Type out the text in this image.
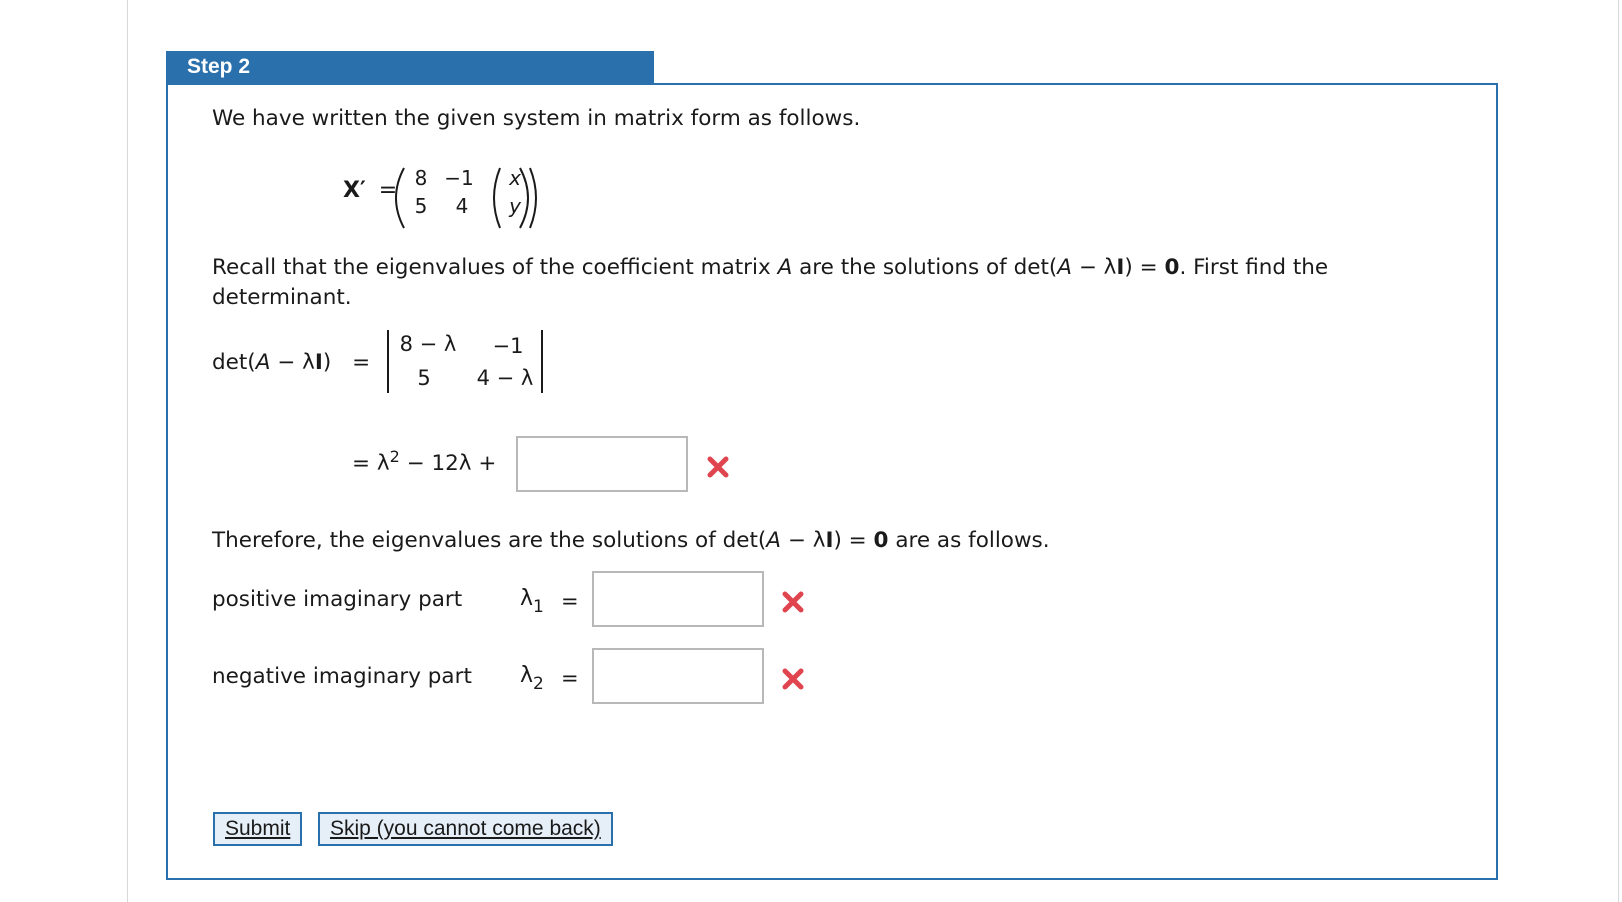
Step 2
We have written the given system in matrix form as follows.
X′ = 8 −1
5	4
x
y
Recall that the eigenvalues of the coefficient matrix A are the solutions of det(A − λI) = 0. First find the
determinant.
det(A − λI) =
8 − λ	−1
5	4 − λ
= $\lambda^2 - 12\lambda$ +
Therefore, the eigenvalues are the solutions of det(A − λI) = 0 are as follows.
positive imaginary part	$\lambda_1$ =
negative imaginary part $\lambda_2$ =
Submit	Skip (you cannot come back)
